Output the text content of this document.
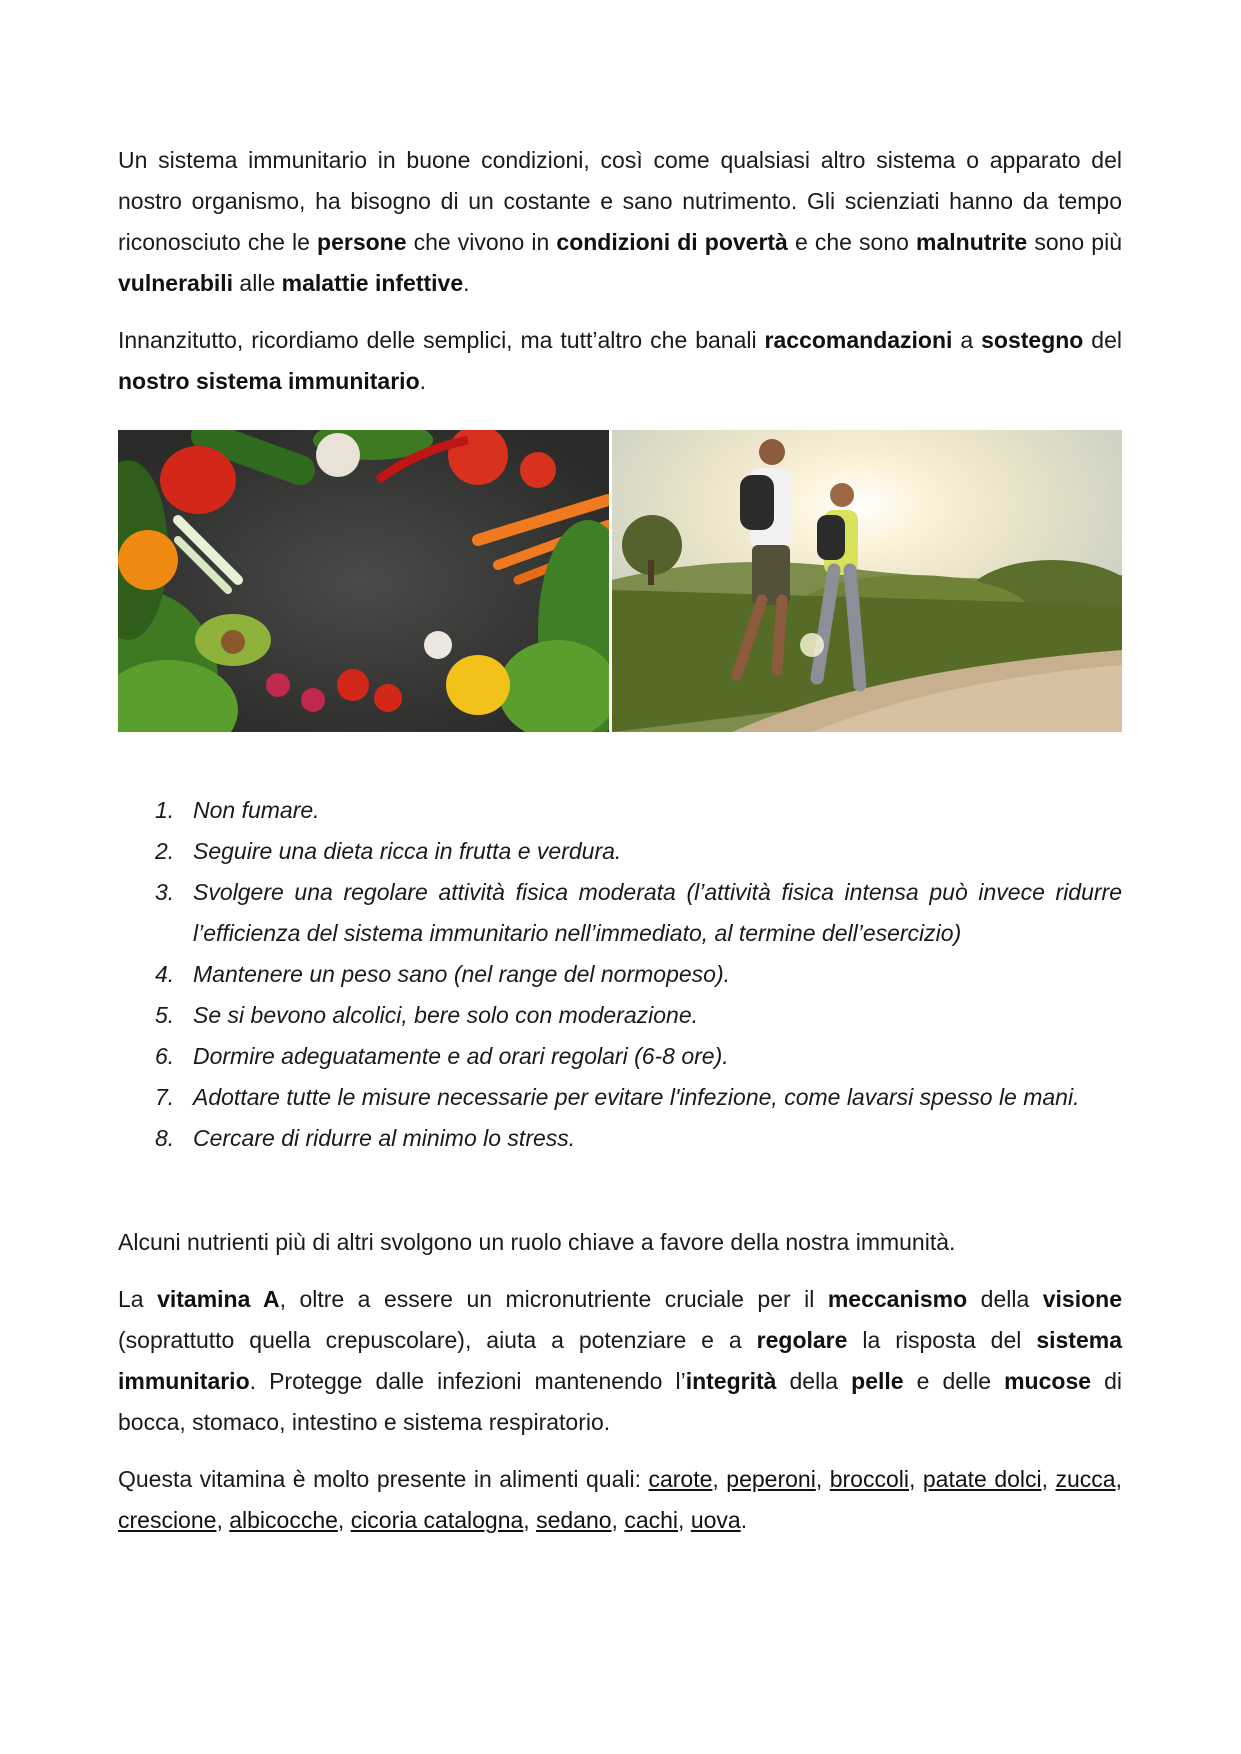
Un sistema immunitario in buone condizioni, così come qualsiasi altro sistema o apparato del nostro organismo, ha bisogno di un costante e sano nutrimento. Gli scienziati hanno da tempo riconosciuto che le persone che vivono in condizioni di povertà e che sono malnutrite sono più vulnerabili alle malattie infettive.

Innanzitutto, ricordiamo delle semplici, ma tutt’altro che banali raccomandazioni a sostegno del nostro sistema immunitario.

1. Non fumare.
2. Seguire una dieta ricca in frutta e verdura.
3. Svolgere una regolare attività fisica moderata (l’attività fisica intensa può invece ridurre l’efficienza del sistema immunitario nell’immediato, al termine dell’esercizio)
4. Mantenere un peso sano (nel range del normopeso).
5. Se si bevono alcolici, bere solo con moderazione.
6. Dormire adeguatamente e ad orari regolari (6-8 ore).
7. Adottare tutte le misure necessarie per evitare l'infezione, come lavarsi spesso le mani.
8. Cercare di ridurre al minimo lo stress.

Alcuni nutrienti più di altri svolgono un ruolo chiave a favore della nostra immunità.

La vitamina A, oltre a essere un micronutriente cruciale per il meccanismo della visione (soprattutto quella crepuscolare), aiuta a potenziare e a regolare la risposta del sistema immunitario. Protegge dalle infezioni mantenendo l’integrità della pelle e delle mucose di bocca, stomaco, intestino e sistema respiratorio.

Questa vitamina è molto presente in alimenti quali: carote, peperoni, broccoli, patate dolci, zucca, crescione, albicocche, cicoria catalogna, sedano, cachi, uova.
